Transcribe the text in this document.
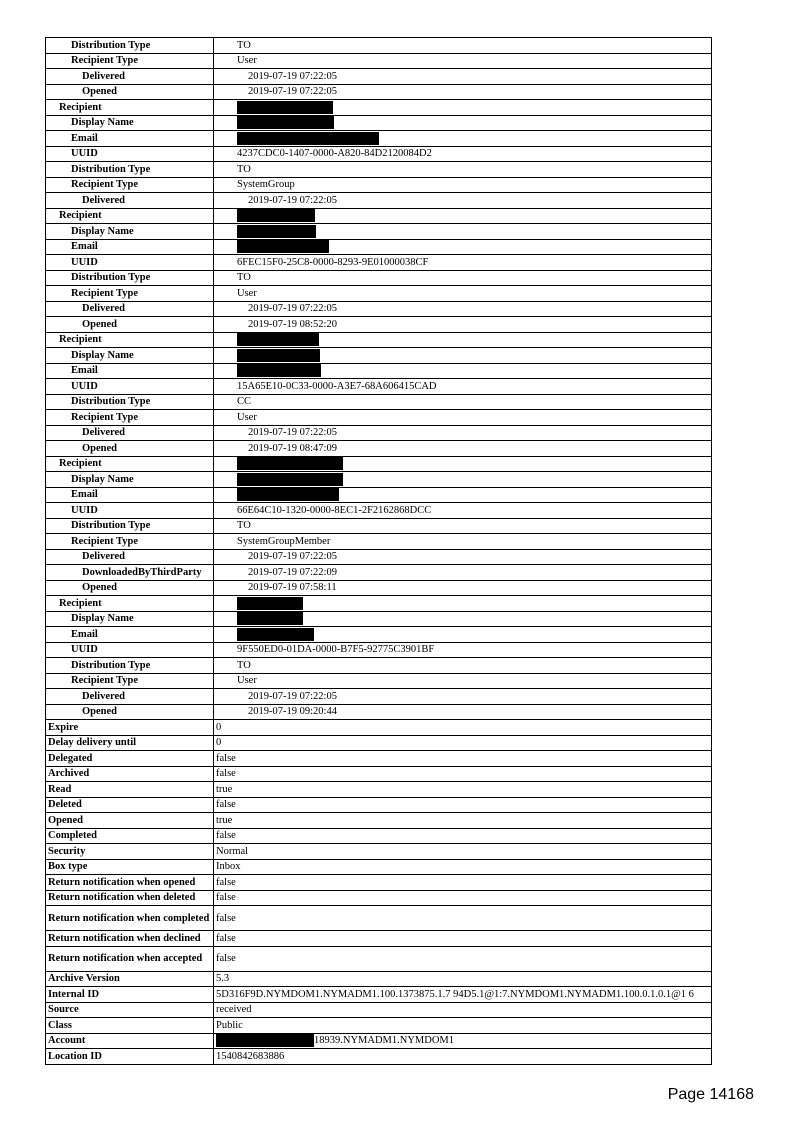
Distribution Type	TO
Recipient Type	User
Delivered	2019-07-19 07:22:05
Opened	2019-07-19 07:22:05
Recipient	
Display Name	
Email	
UUID	4237CDC0-1407-0000-A820-84D2120084D2
Distribution Type	TO
Recipient Type	SystemGroup
Delivered	2019-07-19 07:22:05
Recipient	
Display Name	
Email	
UUID	6FEC15F0-25C8-0000-8293-9E01000038CF
Distribution Type	TO
Recipient Type	User
Delivered	2019-07-19 07:22:05
Opened	2019-07-19 08:52:20
Recipient	
Display Name	
Email	
UUID	15A65E10-0C33-0000-A3E7-68A606415CAD
Distribution Type	CC
Recipient Type	User
Delivered	2019-07-19 07:22:05
Opened	2019-07-19 08:47:09
Recipient	
Display Name	
Email	
UUID	66E64C10-1320-0000-8EC1-2F2162868DCC
Distribution Type	TO
Recipient Type	SystemGroupMember
Delivered	2019-07-19 07:22:05
DownloadedByThirdParty	2019-07-19 07:22:09
Opened	2019-07-19 07:58:11
Recipient	
Display Name	
Email	
UUID	9F550ED0-01DA-0000-B7F5-92775C3901BF
Distribution Type	TO
Recipient Type	User
Delivered	2019-07-19 07:22:05
Opened	2019-07-19 09:20:44
Expire	0
Delay delivery until	0
Delegated	false
Archived	false
Read	true
Deleted	false
Opened	true
Completed	false
Security	Normal
Box type	Inbox
Return notification when opened	false
Return notification when deleted	false
Return notification when completed	false
Return notification when declined	false
Return notification when accepted	false
Archive Version	5.3
Internal ID	5D316F9D.NYMDOM1.NYMADM1.100.1373875.1.7 94D5.1@1:7.NYMDOM1.NYMADM1.100.0.1.0.1@1 6
Source	received
Class	Public
Account	18939.NYMADM1.NYMDOM1
Location ID	1540842683886
Page 14168
